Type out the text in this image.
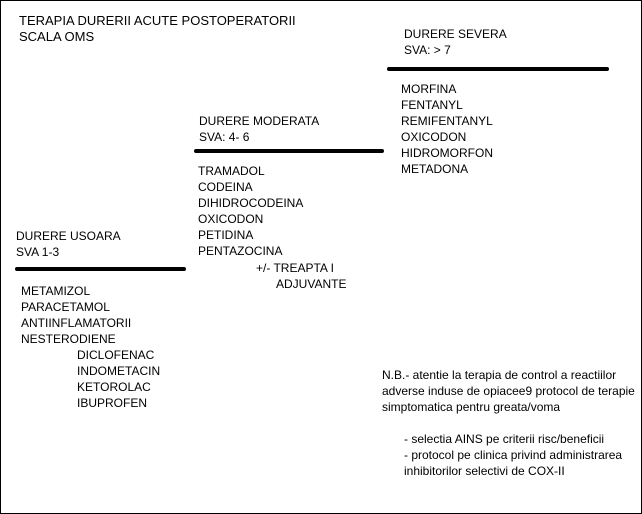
TERAPIA DURERII ACUTE POSTOPERATORII
SCALA OMS	DURERE SEVERA
SVA: > 7
MORFINA
FENTANYL
REMIFENTANYL
OXICODON
HIDROMORFON
METADONA
DURERE MODERATA
SVA: 4- 6
TRAMADOL
CODEINA
DIHIDROCODEINA
OXICODON
PETIDINA
PENTAZOCINA
+/- TREAPTA I
ADJUVANTE
DURERE USOARA
SVA 1-3
METAMIZOL
PARACETAMOL
ANTIINFLAMATORII
NESTERODIENE
DICLOFENAC
INDOMETACIN
KETOROLAC
IBUPROFEN
N.B.- atentie la terapia de control a reactiilor adverse induse de opiacee9 protocol de terapie simptomatica pentru greata/voma
- selectia AINS pe criterii risc/beneficii
- protocol pe clinica privind administrarea inhibitorilor selectivi de COX-II
